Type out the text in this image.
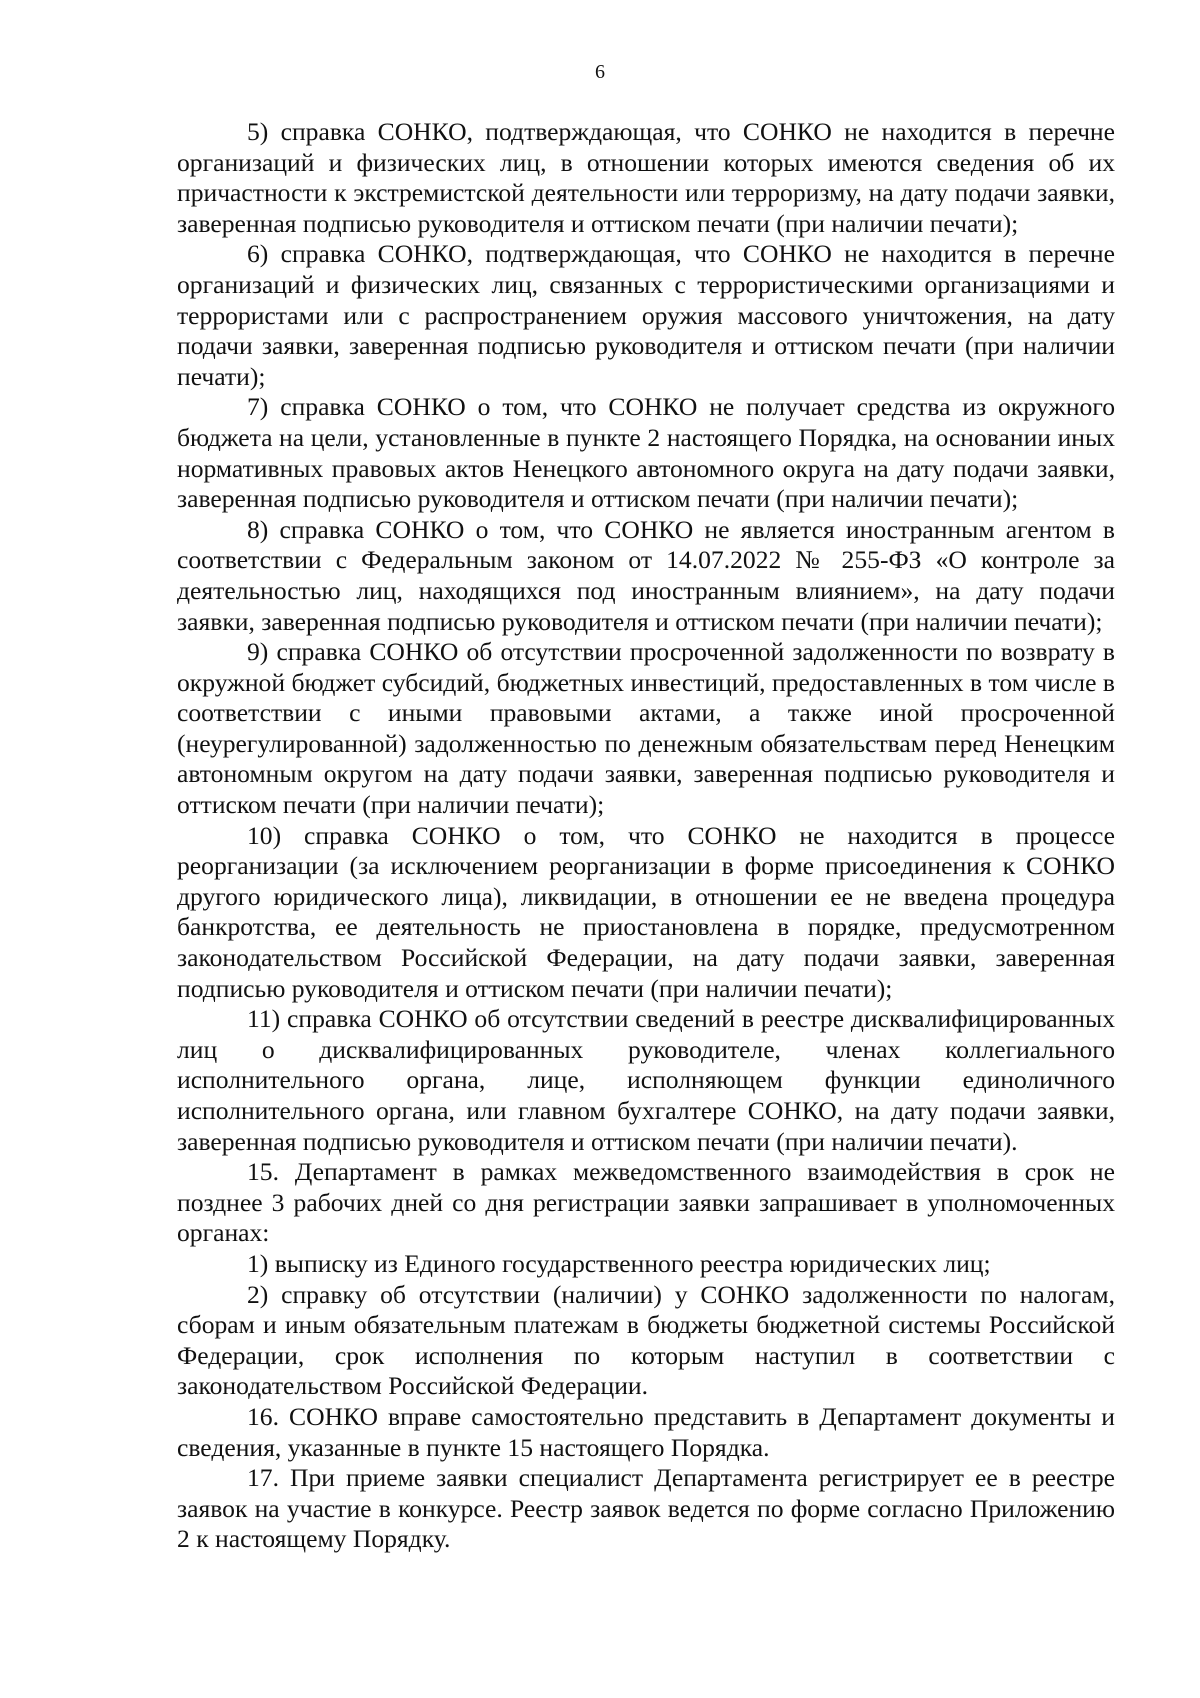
6

5) справка СОНКО, подтверждающая, что СОНКО не находится в перечне организаций и физических лиц, в отношении которых имеются сведения об их причастности к экстремистской деятельности или терроризму, на дату подачи заявки, заверенная подписью руководителя и оттиском печати (при наличии печати);

6) справка СОНКО, подтверждающая, что СОНКО не находится в перечне организаций и физических лиц, связанных с террористическими организациями и террористами или с распространением оружия массового уничтожения, на дату подачи заявки, заверенная подписью руководителя и оттиском печати (при наличии печати);

7) справка СОНКО о том, что СОНКО не получает средства из окружного бюджета на цели, установленные в пункте 2 настоящего Порядка, на основании иных нормативных правовых актов Ненецкого автономного округа на дату подачи заявки, заверенная подписью руководителя и оттиском печати (при наличии печати);

8) справка СОНКО о том, что СОНКО не является иностранным агентом в соответствии с Федеральным законом от 14.07.2022 № 255-ФЗ «О контроле за деятельностью лиц, находящихся под иностранным влиянием», на дату подачи заявки, заверенная подписью руководителя и оттиском печати (при наличии печати);

9) справка СОНКО об отсутствии просроченной задолженности по возврату в окружной бюджет субсидий, бюджетных инвестиций, предоставленных в том числе в соответствии с иными правовыми актами, а также иной просроченной (неурегулированной) задолженностью по денежным обязательствам перед Ненецким автономным округом на дату подачи заявки, заверенная подписью руководителя и оттиском печати (при наличии печати);

10) справка СОНКО о том, что СОНКО не находится в процессе реорганизации (за исключением реорганизации в форме присоединения к СОНКО другого юридического лица), ликвидации, в отношении ее не введена процедура банкротства, ее деятельность не приостановлена в порядке, предусмотренном законодательством Российской Федерации, на дату подачи заявки, заверенная подписью руководителя и оттиском печати (при наличии печати);

11) справка СОНКО об отсутствии сведений в реестре дисквалифицированных лиц о дисквалифицированных руководителе, членах коллегиального исполнительного органа, лице, исполняющем функции единоличного исполнительного органа, или главном бухгалтере СОНКО, на дату подачи заявки, заверенная подписью руководителя и оттиском печати (при наличии печати).

15. Департамент в рамках межведомственного взаимодействия в срок не позднее 3 рабочих дней со дня регистрации заявки запрашивает в уполномоченных органах:

1) выписку из Единого государственного реестра юридических лиц;

2) справку об отсутствии (наличии) у СОНКО задолженности по налогам, сборам и иным обязательным платежам в бюджеты бюджетной системы Российской Федерации, срок исполнения по которым наступил в соответствии с законодательством Российской Федерации.

16. СОНКО вправе самостоятельно представить в Департамент документы и сведения, указанные в пункте 15 настоящего Порядка.

17. При приеме заявки специалист Департамента регистрирует ее в реестре заявок на участие в конкурсе. Реестр заявок ведется по форме согласно Приложению 2 к настоящему Порядку.
